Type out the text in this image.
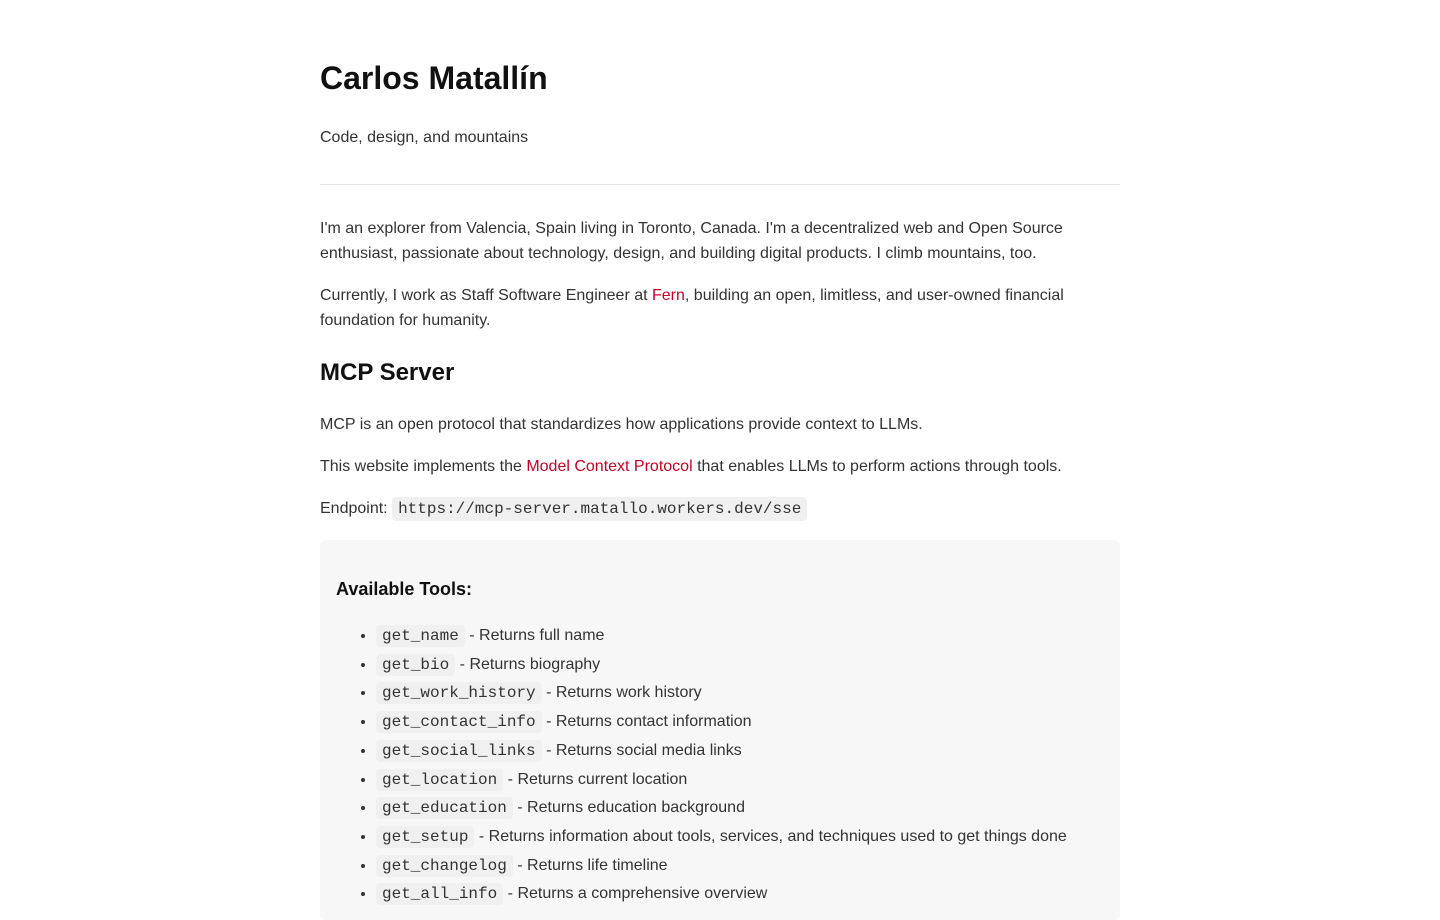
Carlos Matallín

Code, design, and mountains

I'm an explorer from Valencia, Spain living in Toronto, Canada. I'm a decentralized web and Open Source enthusiast, passionate about technology, design, and building digital products. I climb mountains, too.

Currently, I work as Staff Software Engineer at Fern, building an open, limitless, and user-owned financial foundation for humanity.

MCP Server

MCP is an open protocol that standardizes how applications provide context to LLMs.

This website implements the Model Context Protocol that enables LLMs to perform actions through tools.

Endpoint: https://mcp-server.matallo.workers.dev/sse

Available Tools:
• get_name - Returns full name
• get_bio - Returns biography
• get_work_history - Returns work history
• get_contact_info - Returns contact information
• get_social_links - Returns social media links
• get_location - Returns current location
• get_education - Returns education background
• get_setup - Returns information about tools, services, and techniques used to get things done
• get_changelog - Returns life timeline
• get_all_info - Returns a comprehensive overview
